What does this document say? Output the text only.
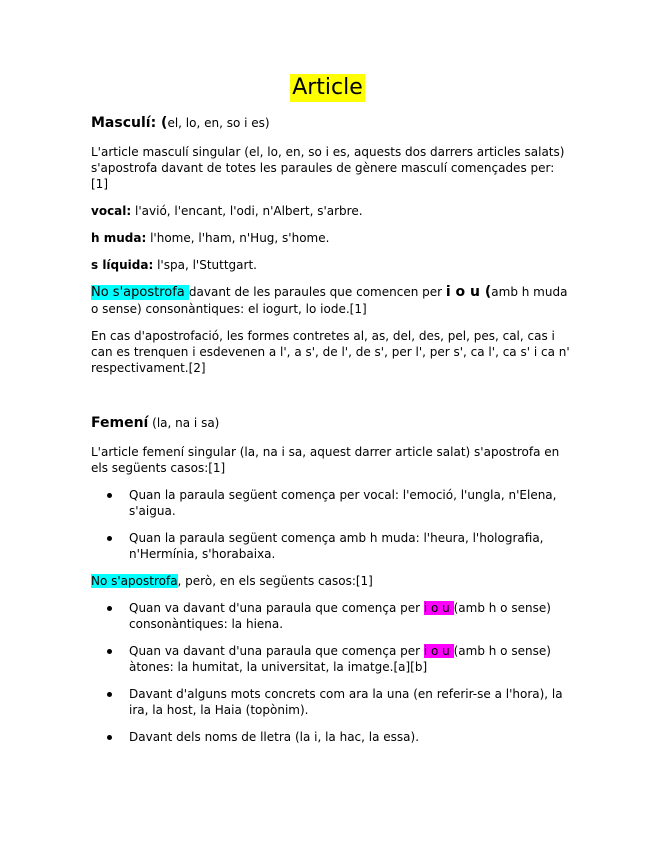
Article

Masculí: (el, lo, en, so i es)

L'article masculí singular (el, lo, en, so i es, aquests dos darrers articles salats) s'apostrofa davant de totes les paraules de gènere masculí començades per:[1]

vocal: l'avió, l'encant, l'odi, n'Albert, s'arbre.

h muda: l'home, l'ham, n'Hug, s'home.

s líquida: l'spa, l'Stuttgart.

No s'apostrofa davant de les paraules que comencen per i o u (amb h muda o sense) consonàntiques: el iogurt, lo iode.[1]

En cas d'apostrofació, les formes contretes al, as, del, des, pel, pes, cal, cas i can es trenquen i esdevenen a l', a s', de l', de s', per l', per s', ca l', ca s' i ca n' respectivament.[2]

Femení (la, na i sa)

L'article femení singular (la, na i sa, aquest darrer article salat) s'apostrofa en els següents casos:[1]

Quan la paraula següent comença per vocal: l'emoció, l'ungla, n'Elena, s'aigua.
Quan la paraula següent comença amb h muda: l'heura, l'holografia, n'Hermínia, s'horabaixa.

No s'apostrofa, però, en els següents casos:[1]

Quan va davant d'una paraula que comença per i o u (amb h o sense) consonàntiques: la hiena.
Quan va davant d'una paraula que comença per i o u (amb h o sense) àtones: la humitat, la universitat, la imatge.[a][b]
Davant d'alguns mots concrets com ara la una (en referir-se a l'hora), la ira, la host, la Haia (topònim).
Davant dels noms de lletra (la i, la hac, la essa).
